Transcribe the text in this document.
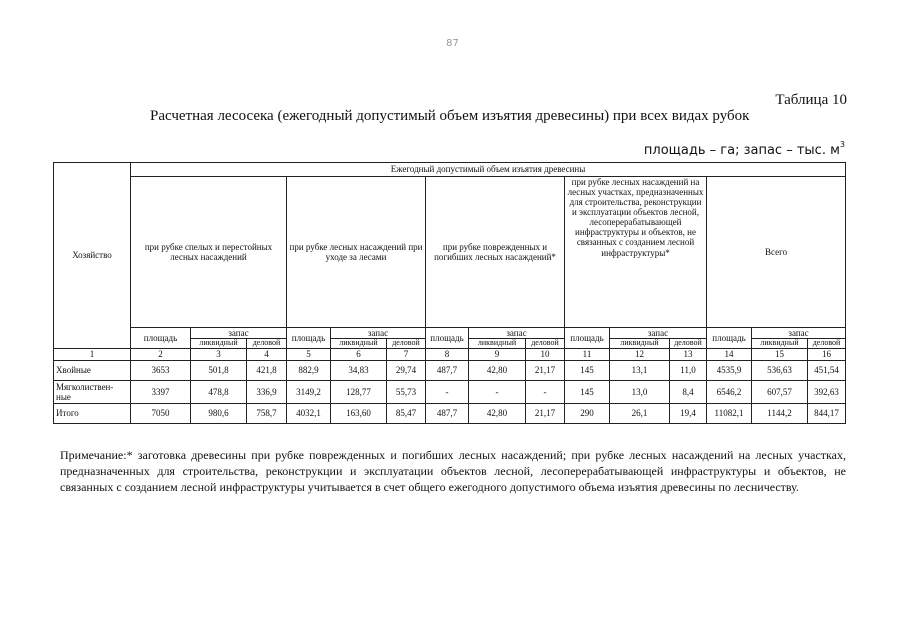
87
Таблица 10
Расчетная лесосека (ежегодный допустимый объем изъятия древесины) при всех видах рубок
площадь – га; запас – тыс. $м^3$
Хозяйство	Ежегодный допустимый объем изъятия древесины														
	при рубке спелых и перестойных лесных насаждений			при рубке лесных насаждений при уходе за лесами			при рубке поврежденных и погибших лесных насаждений*			при рубке лесных насаждений на лесных участках, предназначенных для строительства, реконструкции и эксплуатации объектов лесной, лесоперерабатывающей инфраструктуры и объектов, не связанных с созданием лесной инфраструктуры*			Всего		
	площадь	запас		площадь	запас		площадь	запас		площадь	запас		площадь	запас	
		ликвидный	деловой		ликвидный	деловой		ликвидный	деловой		ликвидный	деловой		ликвидный	деловой
1	2	3	4	5	6	7	8	9	10	11	12	13	14	15	16
Хвойные	3653	501,8	421,8	882,9	34,83	29,74	487,7	42,80	21,17	145	13,1	11,0	4535,9	536,63	451,54
Мягколиствен-ные	3397	478,8	336,9	3149,2	128,77	55,73	-	-	-	145	13,0	8,4	6546,2	607,57	392,63
Итого	7050	980,6	758,7	4032,1	163,60	85,47	487,7	42,80	21,17	290	26,1	19,4	11082,1	1144,2	844,17
Примечание:* заготовка древесины при рубке поврежденных и погибших лесных насаждений; при рубке лесных насаждений на лесных участках, предназначенных для строительства, реконструкции и эксплуатации объектов лесной, лесоперерабатывающей инфраструктуры и объектов, не связанных с созданием лесной инфраструктуры учитывается в счет общего ежегодного допустимого объема изъятия древесины по лесничеству.
